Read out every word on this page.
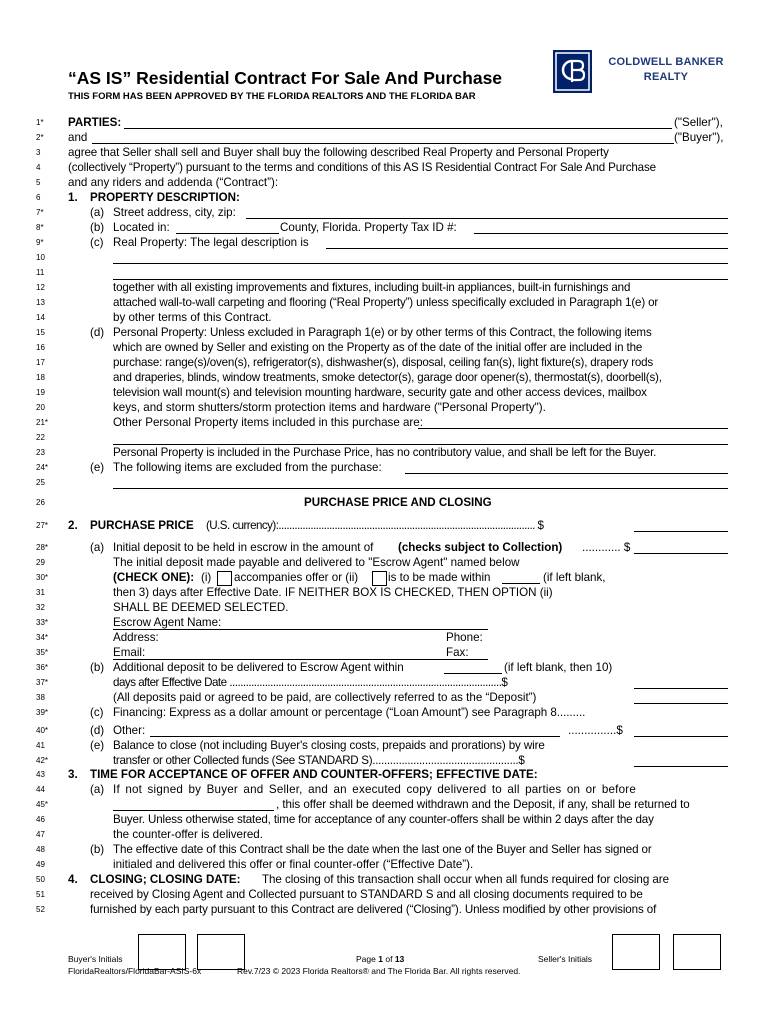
“AS IS” Residential Contract For Sale And Purchase
THIS FORM HAS BEEN APPROVED BY THE FLORIDA REALTORS AND THE FLORIDA BAR
COLDWELL BANKER
REALTY
1* PARTIES:	("Seller"),
2* and	("Buyer"),
3 agree that Seller shall sell and Buyer shall buy the following described Real Property and Personal Property
4 (collectively “Property”) pursuant to the terms and conditions of this AS IS Residential Contract For Sale And Purchase
5 and any riders and addenda (“Contract”):
6 1. PROPERTY DESCRIPTION:
7*	(a) Street address, city, zip:
8*	(b) Located in:	County, Florida. Property Tax ID #:
9*	(c) Real Property: The legal description is
10
11
12	together with all existing improvements and fixtures, including built-in appliances, built-in furnishings and
13	attached wall-to-wall carpeting and flooring (“Real Property”) unless specifically excluded in Paragraph 1(e) or
14	by other terms of this Contract.
15	(d) Personal Property: Unless excluded in Paragraph 1(e) or by other terms of this Contract, the following items
16	which are owned by Seller and existing on the Property as of the date of the initial offer are included in the
17	purchase: range(s)/oven(s), refrigerator(s), dishwasher(s), disposal, ceiling fan(s), light fixture(s), drapery rods
18	and draperies, blinds, window treatments, smoke detector(s), garage door opener(s), thermostat(s), doorbell(s),
19	television wall mount(s) and television mounting hardware, security gate and other access devices, mailbox
20	keys, and storm shutters/storm protection items and hardware ("Personal Property").
21*	Other Personal Property items included in this purchase are:
22
23	Personal Property is included in the Purchase Price, has no contributory value, and shall be left for the Buyer.
24*	(e) The following items are excluded from the purchase:
25
26	PURCHASE PRICE AND CLOSING
27* 2. PURCHASE PRICE (U.S. currency):................................................................................................ $
28*	(a) Initial deposit to be held in escrow in the amount of (checks subject to Collection) ............ $
29	The initial deposit made payable and delivered to "Escrow Agent" named below
30*	(CHECK ONE): (i) accompanies offer or (ii)	is to be made within	(if left blank,
31	then 3) days after Effective Date. IF NEITHER BOX IS CHECKED, THEN OPTION (ii)
32	SHALL BE DEEMED SELECTED.
33*	Escrow Agent Name:
34*	Address:	Phone:
35*	Email:	Fax:
36*	(b) Additional deposit to be delivered to Escrow Agent within	(if left blank, then 10)
37*	days after Effective Date ....................................................................................................$
38	(All deposits paid or agreed to be paid, are collectively referred to as the “Deposit”)
39*	(c) Financing: Express as a dollar amount or percentage (“Loan Amount”) see Paragraph 8.........
40*	(d) Other:	...............$
41	(e) Balance to close (not including Buyer's closing costs, prepaids and prorations) by wire
42*	transfer or other Collected funds (See STANDARD S)..................................................$
43 3. TIME FOR ACCEPTANCE OF OFFER AND COUNTER-OFFERS; EFFECTIVE DATE:
44	(a) If not signed by Buyer and Seller, and an executed copy delivered to all parties on or before
45*	, this offer shall be deemed withdrawn and the Deposit, if any, shall be returned to
46	Buyer. Unless otherwise stated, time for acceptance of any counter-offers shall be within 2 days after the day
47	the counter-offer is delivered.
48	(b) The effective date of this Contract shall be the date when the last one of the Buyer and Seller has signed or
49	initialed and delivered this offer or final counter-offer (“Effective Date”).
50 4. CLOSING; CLOSING DATE: The closing of this transaction shall occur when all funds required for closing are
51	received by Closing Agent and Collected pursuant to STANDARD S and all closing documents required to be
52	furnished by each party pursuant to this Contract are delivered (“Closing”). Unless modified by other provisions of
Buyer's Initials	Page 1 of 13	Seller's Initials
FloridaRealtors/FloridaBar-ASIS-6x	Rev.7/23 © 2023 Florida Realtors® and The Florida Bar. All rights reserved.
